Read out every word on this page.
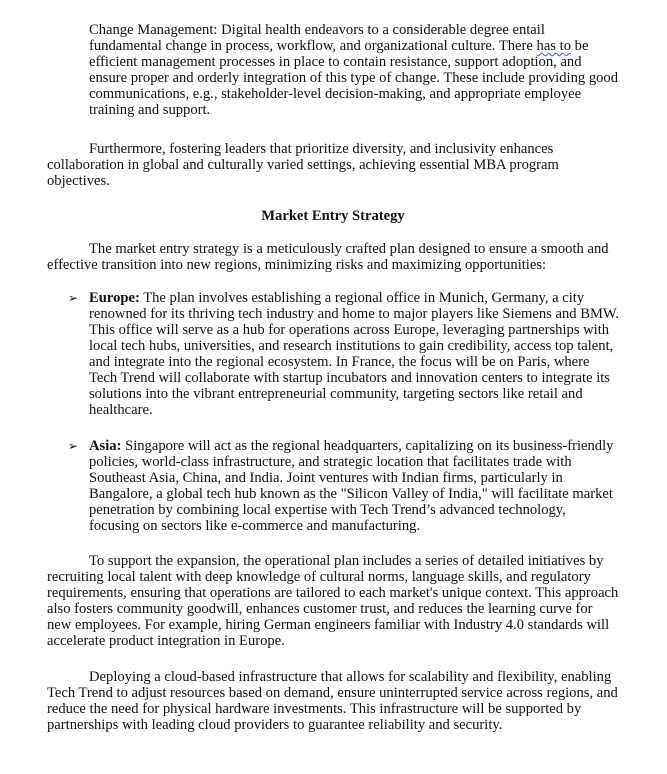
Change Management: Digital health endeavors to a considerable degree entail fundamental change in process, workflow, and organizational culture. There has to be efficient management processes in place to contain resistance, support adoption, and ensure proper and orderly integration of this type of change. These include providing good communications, e.g., stakeholder-level decision-making, and appropriate employee training and support.

Furthermore, fostering leaders that prioritize diversity, and inclusivity enhances collaboration in global and culturally varied settings, achieving essential MBA program objectives.

Market Entry Strategy

The market entry strategy is a meticulously crafted plan designed to ensure a smooth and effective transition into new regions, minimizing risks and maximizing opportunities:

➢ Europe: The plan involves establishing a regional office in Munich, Germany, a city renowned for its thriving tech industry and home to major players like Siemens and BMW. This office will serve as a hub for operations across Europe, leveraging partnerships with local tech hubs, universities, and research institutions to gain credibility, access top talent, and integrate into the regional ecosystem. In France, the focus will be on Paris, where Tech Trend will collaborate with startup incubators and innovation centers to integrate its solutions into the vibrant entrepreneurial community, targeting sectors like retail and healthcare.

➢ Asia: Singapore will act as the regional headquarters, capitalizing on its business-friendly policies, world-class infrastructure, and strategic location that facilitates trade with Southeast Asia, China, and India. Joint ventures with Indian firms, particularly in Bangalore, a global tech hub known as the "Silicon Valley of India," will facilitate market penetration by combining local expertise with Tech Trend’s advanced technology, focusing on sectors like e-commerce and manufacturing.

To support the expansion, the operational plan includes a series of detailed initiatives by recruiting local talent with deep knowledge of cultural norms, language skills, and regulatory requirements, ensuring that operations are tailored to each market's unique context. This approach also fosters community goodwill, enhances customer trust, and reduces the learning curve for new employees. For example, hiring German engineers familiar with Industry 4.0 standards will accelerate product integration in Europe.

Deploying a cloud-based infrastructure that allows for scalability and flexibility, enabling Tech Trend to adjust resources based on demand, ensure uninterrupted service across regions, and reduce the need for physical hardware investments. This infrastructure will be supported by partnerships with leading cloud providers to guarantee reliability and security.
